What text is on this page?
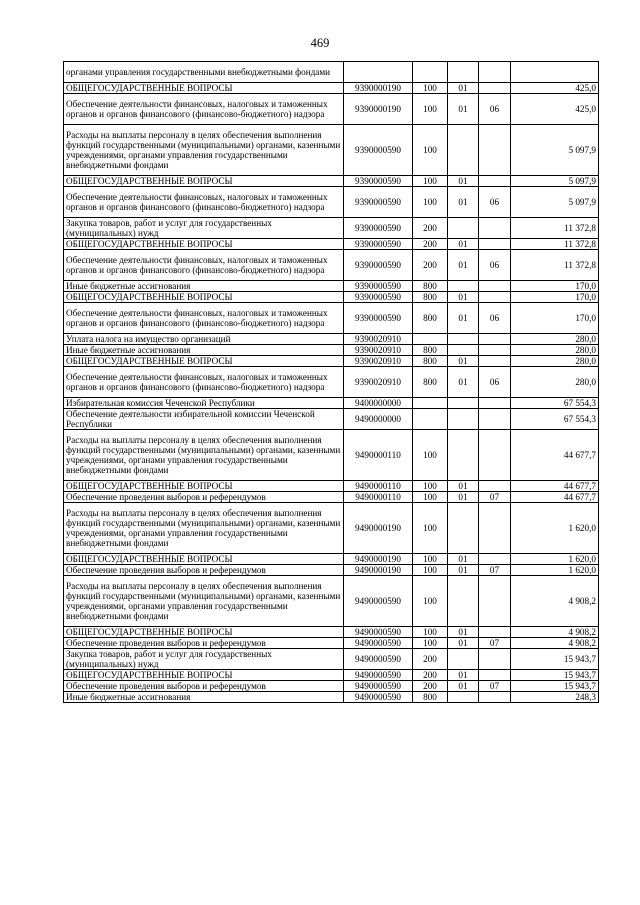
469
органами управления государственными внебюджетными фондами					
ОБЩЕГОСУДАРСТВЕННЫЕ ВОПРОСЫ	9390000190	100	01		425,0
Обеспечение деятельности финансовых, налоговых и таможенных органов и органов финансового (финансово-бюджетного) надзора	9390000190	100	01	06	425,0
Расходы на выплаты персоналу в целях обеспечения выполнения функций государственными (муниципальными) органами, казенными учреждениями, органами управления государственными внебюджетными фондами	9390000590	100			5 097,9
ОБЩЕГОСУДАРСТВЕННЫЕ ВОПРОСЫ	9390000590	100	01		5 097,9
Обеспечение деятельности финансовых, налоговых и таможенных органов и органов финансового (финансово-бюджетного) надзора	9390000590	100	01	06	5 097,9
Закупка товаров, работ и услуг для государственных (муниципальных) нужд	9390000590	200			11 372,8
ОБЩЕГОСУДАРСТВЕННЫЕ ВОПРОСЫ	9390000590	200	01		11 372,8
Обеспечение деятельности финансовых, налоговых и таможенных органов и органов финансового (финансово-бюджетного) надзора	9390000590	200	01	06	11 372,8
Иные бюджетные ассигнования	9390000590	800			170,0
ОБЩЕГОСУДАРСТВЕННЫЕ ВОПРОСЫ	9390000590	800	01		170,0
Обеспечение деятельности финансовых, налоговых и таможенных органов и органов финансового (финансово-бюджетного) надзора	9390000590	800	01	06	170,0
Уплата налога на имущество организаций	9390020910				280,0
Иные бюджетные ассигнования	9390020910	800			280,0
ОБЩЕГОСУДАРСТВЕННЫЕ ВОПРОСЫ	9390020910	800	01		280,0
Обеспечение деятельности финансовых, налоговых и таможенных органов и органов финансового (финансово-бюджетного) надзора	9390020910	800	01	06	280,0
Избирательная комиссия Чеченской Республики	9400000000				67 554,3
Обеспечение деятельности избирательной комиссии Чеченской Республики	9490000000				67 554,3
Расходы на выплаты персоналу в целях обеспечения выполнения функций государственными (муниципальными) органами, казенными учреждениями, органами управления государственными внебюджетными фондами	9490000110	100			44 677,7
ОБЩЕГОСУДАРСТВЕННЫЕ ВОПРОСЫ	9490000110	100	01		44 677,7
Обеспечение проведения выборов и референдумов	9490000110	100	01	07	44 677,7
Расходы на выплаты персоналу в целях обеспечения выполнения функций государственными (муниципальными) органами, казенными учреждениями, органами управления государственными внебюджетными фондами	9490000190	100			1 620,0
ОБЩЕГОСУДАРСТВЕННЫЕ ВОПРОСЫ	9490000190	100	01		1 620,0
Обеспечение проведения выборов и референдумов	9490000190	100	01	07	1 620,0
Расходы на выплаты персоналу в целях обеспечения выполнения функций государственными (муниципальными) органами, казенными учреждениями, органами управления государственными внебюджетными фондами	9490000590	100			4 908,2
ОБЩЕГОСУДАРСТВЕННЫЕ ВОПРОСЫ	9490000590	100	01		4 908,2
Обеспечение проведения выборов и референдумов	9490000590	100	01	07	4 908,2
Закупка товаров, работ и услуг для государственных (муниципальных) нужд	9490000590	200			15 943,7
ОБЩЕГОСУДАРСТВЕННЫЕ ВОПРОСЫ	9490000590	200	01		15 943,7
Обеспечение проведения выборов и референдумов	9490000590	200	01	07	15 943,7
Иные бюджетные ассигнования	9490000590	800			248,3
